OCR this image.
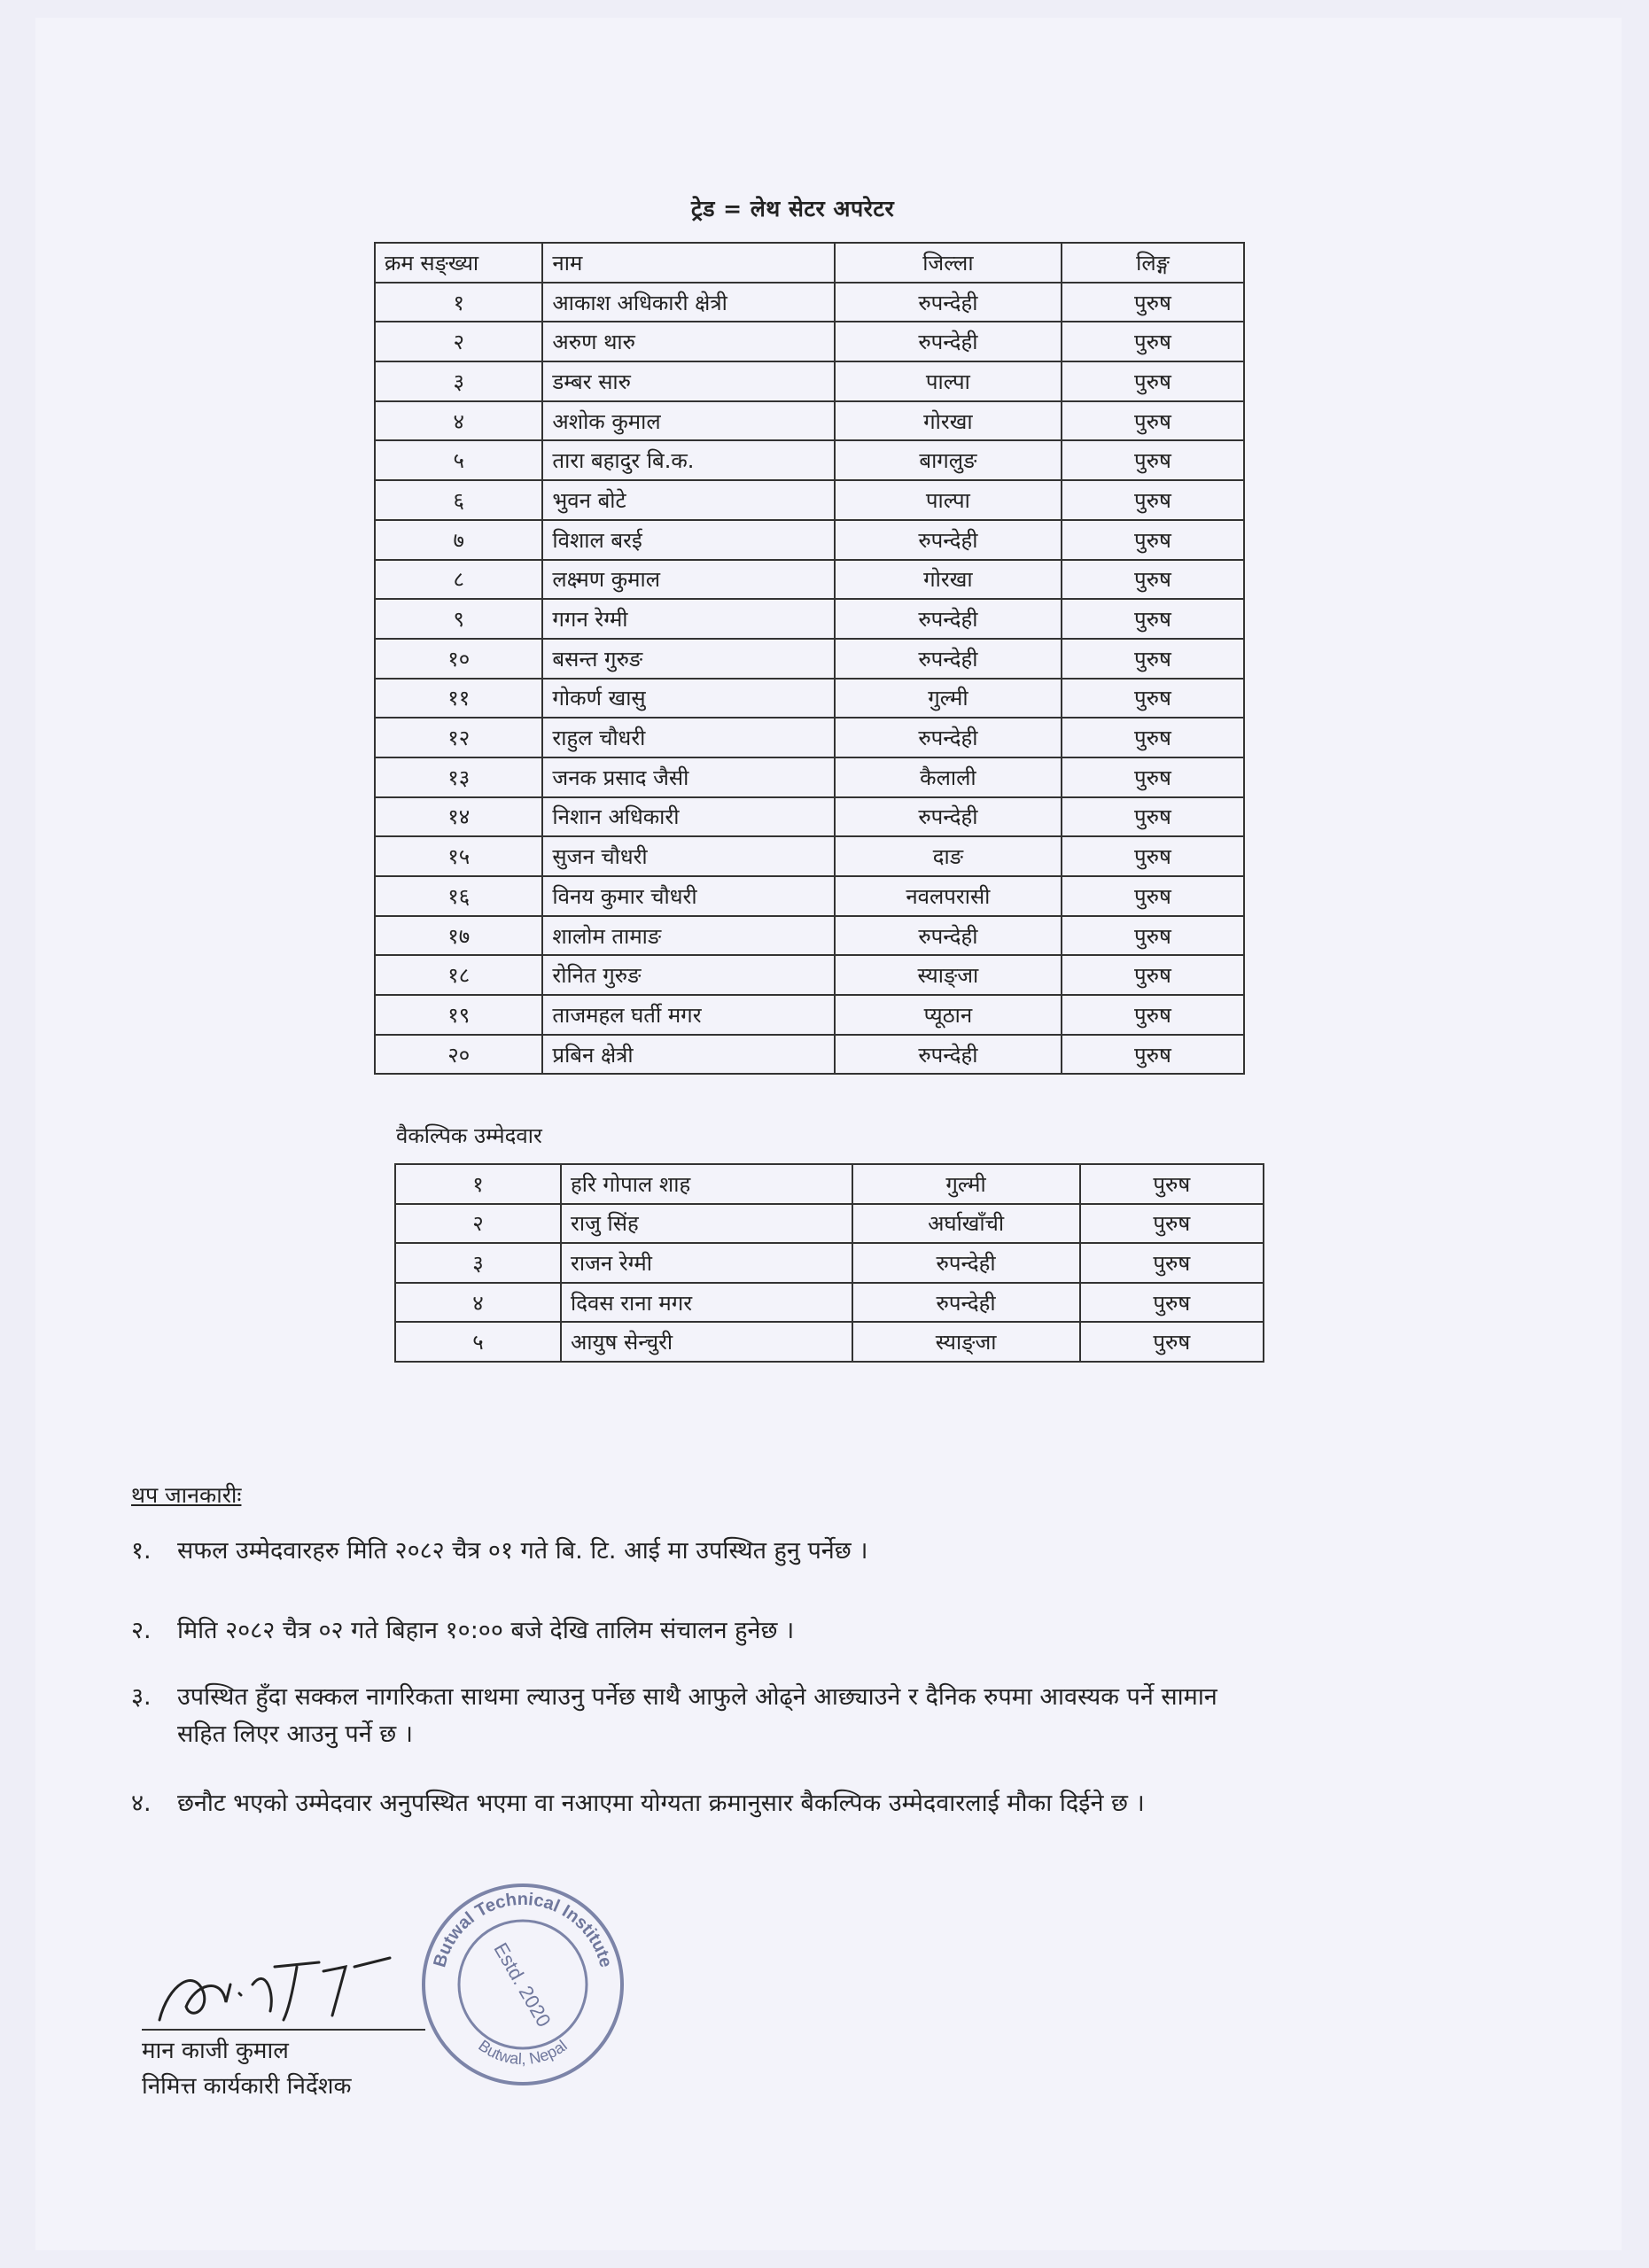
ट्रेड = लेथ सेटर अपरेटर
क्रम सङ्ख्या	नाम	जिल्ला	लिङ्ग
१	आकाश अधिकारी क्षेत्री	रुपन्देही	पुरुष
२	अरुण थारु	रुपन्देही	पुरुष
३	डम्बर सारु	पाल्पा	पुरुष
४	अशोक कुमाल	गोरखा	पुरुष
५	तारा बहादुर बि.क.	बागलुङ	पुरुष
६	भुवन बोटे	पाल्पा	पुरुष
७	विशाल बरई	रुपन्देही	पुरुष
८	लक्ष्मण कुमाल	गोरखा	पुरुष
९	गगन रेग्मी	रुपन्देही	पुरुष
१०	बसन्त गुरुङ	रुपन्देही	पुरुष
११	गोकर्ण खासु	गुल्मी	पुरुष
१२	राहुल चौधरी	रुपन्देही	पुरुष
१३	जनक प्रसाद जैसी	कैलाली	पुरुष
१४	निशान अधिकारी	रुपन्देही	पुरुष
१५	सुजन चौधरी	दाङ	पुरुष
१६	विनय कुमार चौधरी	नवलपरासी	पुरुष
१७	शालोम तामाङ	रुपन्देही	पुरुष
१८	रोनित गुरुङ	स्याङ्जा	पुरुष
१९	ताजमहल घर्ती मगर	प्यूठान	पुरुष
२०	प्रबिन क्षेत्री	रुपन्देही	पुरुष
वैकल्पिक उम्मेदवार
१	हरि गोपाल शाह	गुल्मी	पुरुष
२	राजु सिंह	अर्घाखाँची	पुरुष
३	राजन रेग्मी	रुपन्देही	पुरुष
४	दिवस राना मगर	रुपन्देही	पुरुष
५	आयुष सेन्चुरी	स्याङ्जा	पुरुष
थप जानकारीः
१. सफल उम्मेदवारहरु मिति २०८२ चैत्र ०१ गते बि. टि. आई मा उपस्थित हुनु पर्नेछ ।
२. मिति २०८२ चैत्र ०२ गते बिहान १०:०० बजे देखि तालिम संचालन हुनेछ ।
३. उपस्थित हुँदा सक्कल नागरिकता साथमा ल्याउनु पर्नेछ साथै आफुले ओढ्ने आछ्याउने र दैनिक रुपमा आवस्यक पर्ने सामान
सहित लिएर आउनु पर्ने छ ।
४. छनौट भएको उम्मेदवार अनुपस्थित भएमा वा नआएमा योग्यता क्रमानुसार बैकल्पिक उम्मेदवारलाई मौका दिईने छ ।
मान काजी कुमाल
निमित्त कार्यकारी निर्देशक
Butwal Technical Institute
Estd. 2020
Butwal, Nepal
